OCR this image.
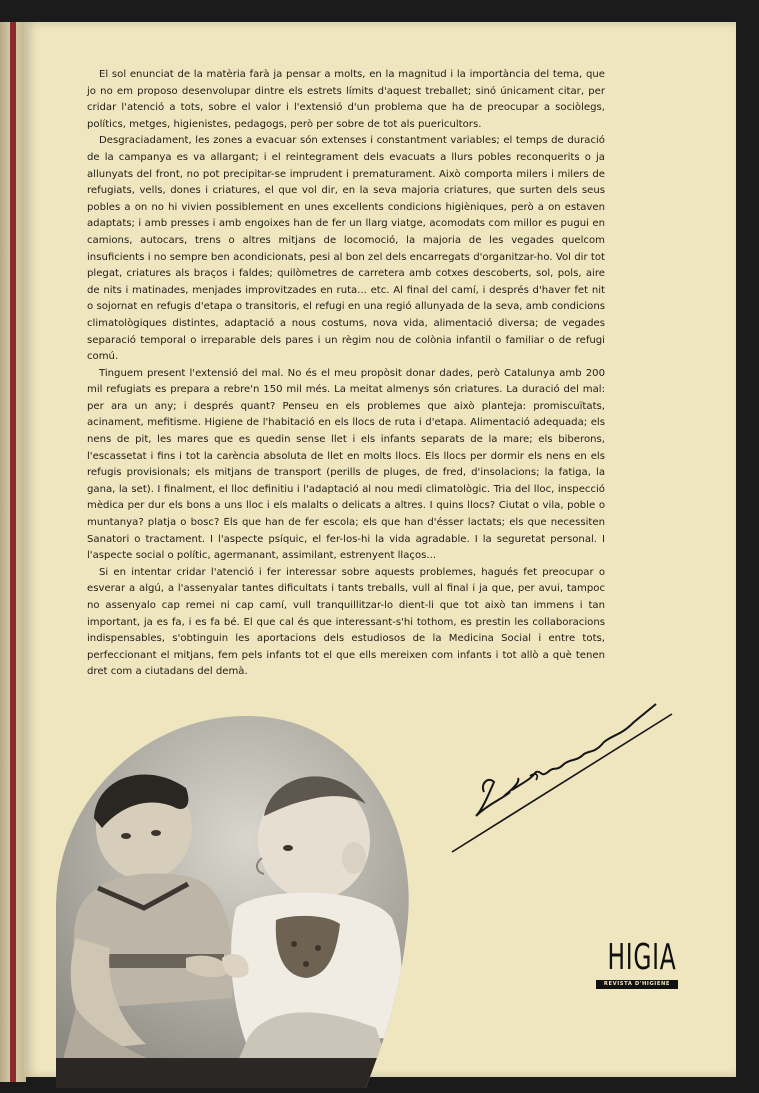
El sol enunciat de la matèria farà ja pensar a molts, en la magnitud i la importància del tema, que jo no em proposo desenvolupar dintre els estrets límits d'aquest treballet; sinó únicament citar, per cridar l'atenció a tots, sobre el valor i l'extensió d'un problema que ha de preocupar a sociòlegs, polítics, metges, higienistes, pedagogs, però per sobre de tot als puericultors.

Desgraciadament, les zones a evacuar són extenses i constantment variables; el temps de duració de la campanya es va allargant; i el reintegrament dels evacuats a llurs pobles reconquerits o ja allunyats del front, no pot precipitar-se imprudent i prematurament. Això comporta milers i milers de refugiats, vells, dones i criatures, el que vol dir, en la seva majoria criatures, que surten dels seus pobles a on no hi vivien possiblement en unes excellents condicions higièniques, però a on estaven adaptats; i amb presses i amb engoixes han de fer un llarg viatge, acomodats com millor es pugui en camions, autocars, trens o altres mitjans de locomoció, la majoria de les vegades quelcom insuficients i no sempre ben acondicionats, pesi al bon zel dels encarregats d'organitzar-ho. Vol dir tot plegat, criatures als braços i faldes; quilòmetres de carretera amb cotxes descoberts, sol, pols, aire de nits i matinades, menjades improvitzades en ruta... etc. Al final del camí, i després d'haver fet nit o sojornat en refugis d'etapa o transitoris, el refugi en una regió allunyada de la seva, amb condicions climatològiques distintes, adaptació a nous costums, nova vida, alimentació diversa; de vegades separació temporal o irreparable dels pares i un règim nou de colònia infantil o familiar o de refugi comú.

Tinguem present l'extensió del mal. No és el meu propòsit donar dades, però Catalunya amb 200 mil refugiats es prepara a rebre'n 150 mil més. La meitat almenys són criatures. La duració del mal: per ara un any; i després quant? Penseu en els problemes que això planteja: promiscuïtats, acinament, mefitisme. Higiene de l'habitació en els llocs de ruta i d'etapa. Alimentació adequada; els nens de pit, les mares que es quedin sense llet i els infants separats de la mare; els biberons, l'escassetat i fins i tot la carència absoluta de llet en molts llocs. Els llocs per dormir els nens en els refugis provisionals; els mitjans de transport (perills de pluges, de fred, d'insolacions; la fatiga, la gana, la set). I finalment, el lloc definitiu i l'adaptació al nou medi climatològic. Tria del lloc, inspecció mèdica per dur els bons a uns lloc i els malalts o delicats a altres. I quins llocs? Ciutat o vila, poble o muntanya? platja o bosc? Els que han de fer escola; els que han d'ésser lactats; els que necessiten Sanatori o tractament. I l'aspecte psíquic, el fer-los-hi la vida agradable. I la seguretat personal. I l'aspecte social o polític, agermanant, assimilant, estrenyent llaços...

Si en intentar cridar l'atenció i fer interessar sobre aquests problemes, hagués fet preocupar o esverar a algú, a l'assenyalar tantes dificultats i tants treballs, vull al final i ja que, per avui, tampoc no assenyalo cap remei ni cap camí, vull tranquillitzar-lo dient-li que tot això tan immens i tan important, ja es fa, i es fa bé. El que cal és que interessant-s'hi tothom, es prestin les collaboracions indispensables, s'obtinguin les aportacions dels estudiosos de la Medicina Social i entre tots, perfeccionant el mitjans, fem pels infants tot el que ells mereixen com infants i tot allò a què tenen dret com a ciutadans del demà.

HIGIA
REVISTA D'HIGIENE
